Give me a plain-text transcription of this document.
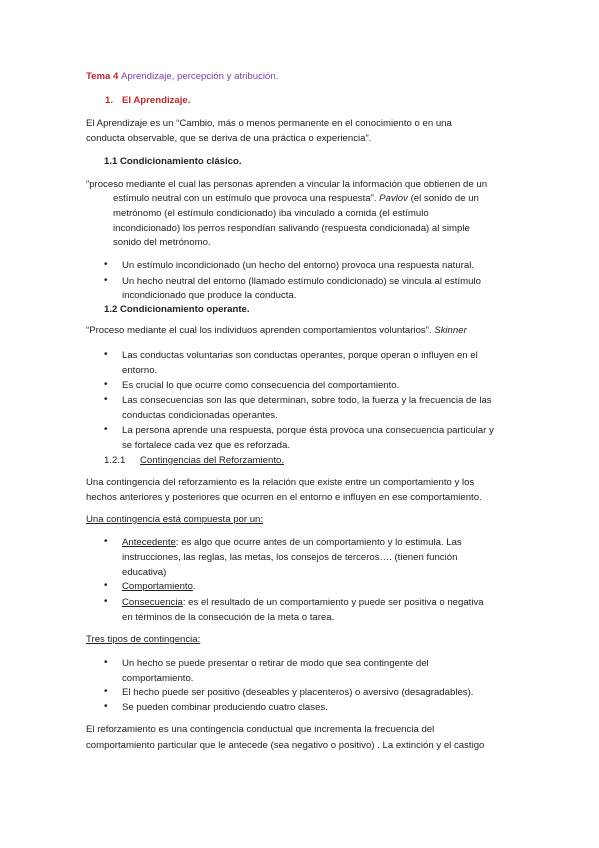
Tema 4 Aprendizaje, percepción y atribución.
1. El Aprendizaje.
El Aprendizaje es un “Cambio, más o menos permanente en el conocimiento o en una
conducta observable, que se deriva de una práctica o experiencia”.
1.1 Condicionamiento clásico.
“proceso mediante el cual las personas aprenden a vincular la información que obtienen de un
estímulo neutral con un estímulo que provoca una respuesta”. Pavlov (el sonido de un
metrónomo (el estímulo condicionado) iba vinculado a comida (el estímulo
incondicionado) los perros respondían salivando (respuesta condicionada) al simple
sonido del metrónomo.
• Un estímulo incondicionado (un hecho del entorno) provoca una respuesta natural.
• Un hecho neutral del entorno (llamado estímulo condicionado) se vincula al estímulo
incondicionado que produce la conducta.
1.2 Condicionamiento operante.
“Proceso mediante el cual los individuos aprenden comportamientos voluntarios”. Skinner
• Las conductas voluntarias son conductas operantes, porque operan o influyen en el
entorno.
• Es crucial lo que ocurre como consecuencia del comportamiento.
• Las consecuencias son las que determinan, sobre todo, la fuerza y la frecuencia de las
conductas condicionadas operantes.
• La persona aprende una respuesta, porque ésta provoca una consecuencia particular y
se fortalece cada vez que es reforzada.
1.2.1 Contingencias del Reforzamiento.
Una contingencia del reforzamiento es la relación que existe entre un comportamiento y los
hechos anteriores y posteriores que ocurren en el entorno e influyen en ese comportamiento.
Una contingencia está compuesta por un:
• Antecedente: es algo que ocurre antes de un comportamiento y lo estimula. Las
instrucciones, las reglas, las metas, los consejos de terceros…. (tienen función
educativa)
• Comportamiento.
• Consecuencia: es el resultado de un comportamiento y puede ser positiva o negativa
en términos de la consecución de la meta o tarea.
Tres tipos de contingencia:
• Un hecho se puede presentar o retirar de modo que sea contingente del
comportamiento.
• El hecho puede ser positivo (deseables y placenteros) o aversivo (desagradables).
• Se pueden combinar produciendo cuatro clases.
El reforzamiento es una contingencia conductual que incrementa la frecuencia del
comportamiento particular que le antecede (sea negativo o positivo) . La extinción y el castigo
